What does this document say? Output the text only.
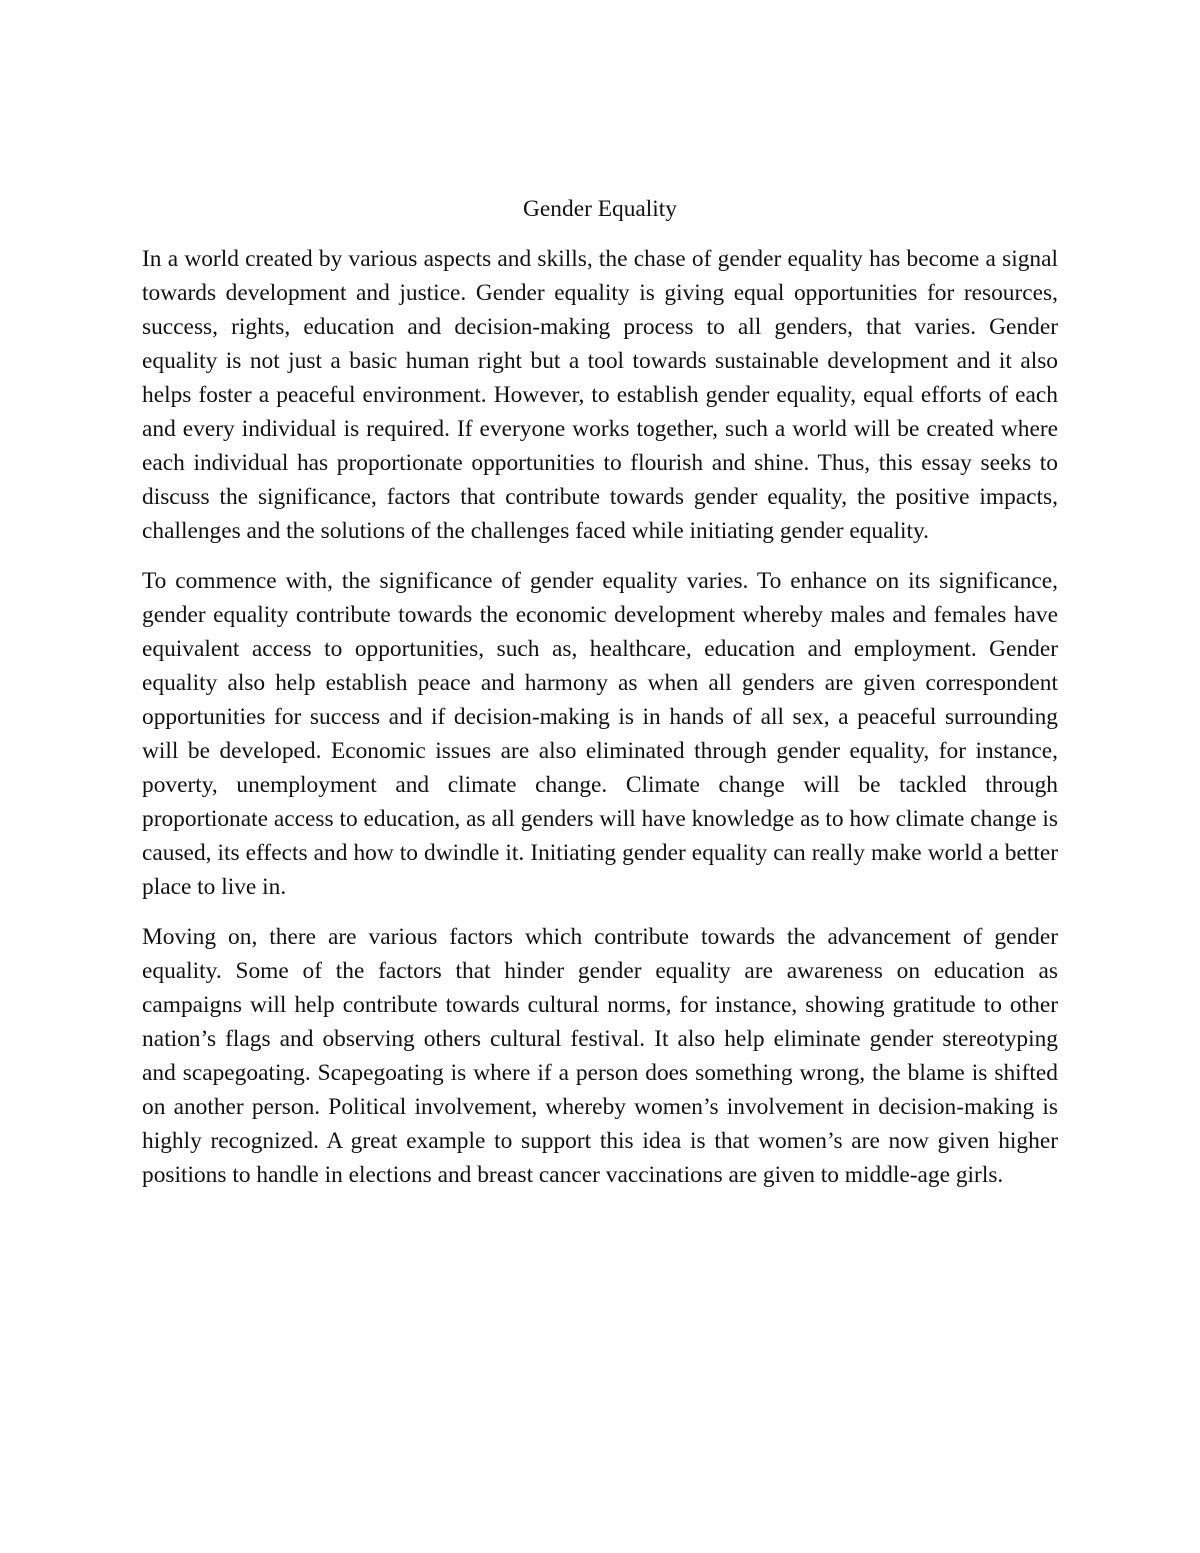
Gender Equality

In a world created by various aspects and skills, the chase of gender equality has become a signal towards development and justice. Gender equality is giving equal opportunities for resources, success, rights, education and decision-making process to all genders, that varies. Gender equality is not just a basic human right but a tool towards sustainable development and it also helps foster a peaceful environment. However, to establish gender equality, equal efforts of each and every individual is required. If everyone works together, such a world will be created where each individual has proportionate opportunities to flourish and shine. Thus, this essay seeks to discuss the significance, factors that contribute towards gender equality, the positive impacts, challenges and the solutions of the challenges faced while initiating gender equality.

To commence with, the significance of gender equality varies. To enhance on its significance, gender equality contribute towards the economic development whereby males and females have equivalent access to opportunities, such as, healthcare, education and employment. Gender equality also help establish peace and harmony as when all genders are given correspondent opportunities for success and if decision-making is in hands of all sex, a peaceful surrounding will be developed. Economic issues are also eliminated through gender equality, for instance, poverty, unemployment and climate change. Climate change will be tackled through proportionate access to education, as all genders will have knowledge as to how climate change is caused, its effects and how to dwindle it. Initiating gender equality can really make world a better place to live in.

Moving on, there are various factors which contribute towards the advancement of gender equality. Some of the factors that hinder gender equality are awareness on education as campaigns will help contribute towards cultural norms, for instance, showing gratitude to other nation’s flags and observing others cultural festival. It also help eliminate gender stereotyping and scapegoating. Scapegoating is where if a person does something wrong, the blame is shifted on another person. Political involvement, whereby women’s involvement in decision-making is highly recognized. A great example to support this idea is that women’s are now given higher positions to handle in elections and breast cancer vaccinations are given to middle-age girls.
